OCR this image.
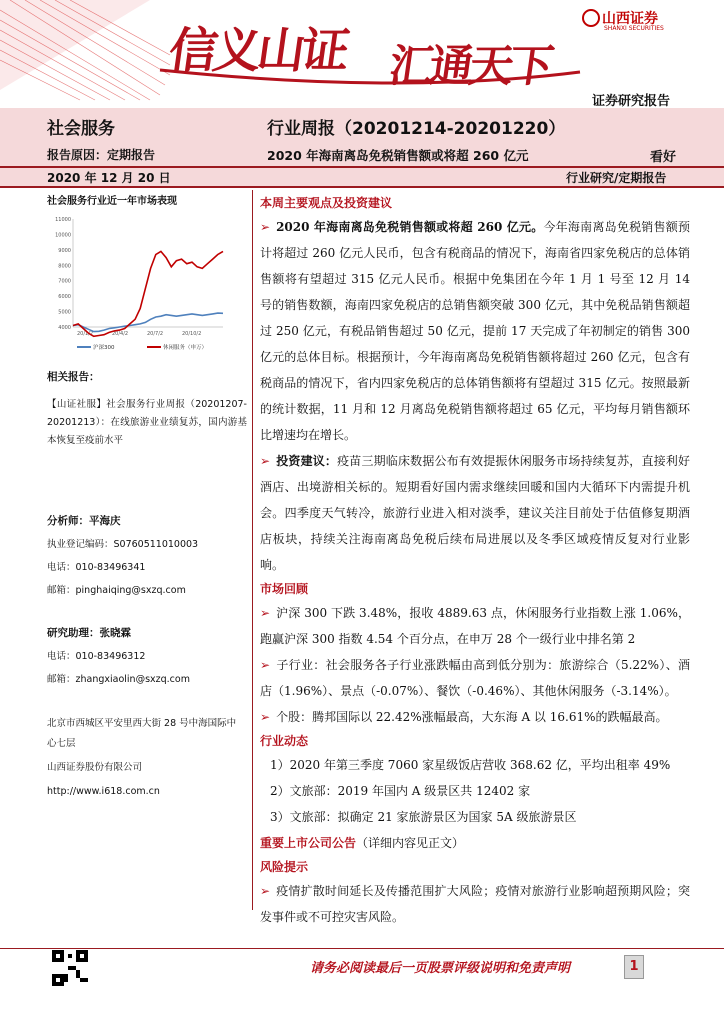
信义山证 汇通天下
山西证券
SHANXI SECURITIES
证券研究报告
社会服务
报告原因：定期报告
行业周报（20201214-20201220）
2020 年海南离岛免税销售额或将超 260 亿元	看好
2020 年 12 月 20 日	行业研究/定期报告
社会服务行业近一年市场表现
4000
5000
6000
7000
8000
9000
10000
11000
20/1/2	20/4/2	20/7/2	20/10/2
沪深300	休闲服务（申万）
相关报告：
【山证社服】社会服务行业周报（20201207-20201213）：在线旅游业业绩复苏，国内游基本恢复至疫前水平
分析师：平海庆
执业登记编码：S0760511010003
电话：010-83496341
邮箱：pinghaiqing@sxzq.com
研究助理：张晓霖
电话：010-83496312
邮箱：zhangxiaolin@sxzq.com
北京市西城区平安里西大街 28 号中海国际中心七层
山西证券股份有限公司
http://www.i618.com.cn
本周主要观点及投资建议
➢ 2020 年海南离岛免税销售额或将超 260 亿元。今年海南离岛免税销售额预计将超过 260 亿元人民币，包含有税商品的情况下，海南省四家免税店的总体销售额将有望超过 315 亿元人民币。根据中免集团在今年 1 月 1 号至 12 月 14 号的销售数额，海南四家免税店的总销售额突破 300 亿元，其中免税品销售额超过 250 亿元，有税品销售超过 50 亿元，提前 17 天完成了年初制定的销售 300 亿元的总体目标。根据预计，今年海南离岛免税销售额将超过 260 亿元，包含有税商品的情况下，省内四家免税店的总体销售额将有望超过 315 亿元。按照最新的统计数据，11 月和 12 月离岛免税销售额将超过 65 亿元，平均每月销售额环比增速均在增长。
➢ 投资建议：疫苗三期临床数据公布有效提振休闲服务市场持续复苏，直接利好酒店、出境游相关标的。短期看好国内需求继续回暖和国内大循环下内需提升机会。四季度天气转冷，旅游行业进入相对淡季，建议关注目前处于估值修复期酒店板块，持续关注海南离岛免税后续布局进展以及冬季区域疫情反复对行业影响。
市场回顾
➢ 沪深 300 下跌 3.48%，报收 4889.63 点，休闲服务行业指数上涨 1.06%，跑赢沪深 300 指数 4.54 个百分点，在申万 28 个一级行业中排名第 2
➢ 子行业：社会服务各子行业涨跌幅由高到低分别为：旅游综合（5.22%）、酒店（1.96%）、景点（-0.07%）、餐饮（-0.46%）、其他休闲服务（-3.14%）。
➢ 个股：腾邦国际以 22.42%涨幅最高，大东海 A 以 16.61%的跌幅最高。
行业动态
1）2020 年第三季度 7060 家星级饭店营收 368.62 亿，平均出租率 49%
2）文旅部：2019 年国内 A 级景区共 12402 家
3）文旅部：拟确定 21 家旅游景区为国家 5A 级旅游景区
重要上市公司公告（详细内容见正文）
风险提示
➢ 疫情扩散时间延长及传播范围扩大风险；疫情对旅游行业影响超预期风险；突发事件或不可控灾害风险。
请务必阅读最后一页股票评级说明和免责声明	1
